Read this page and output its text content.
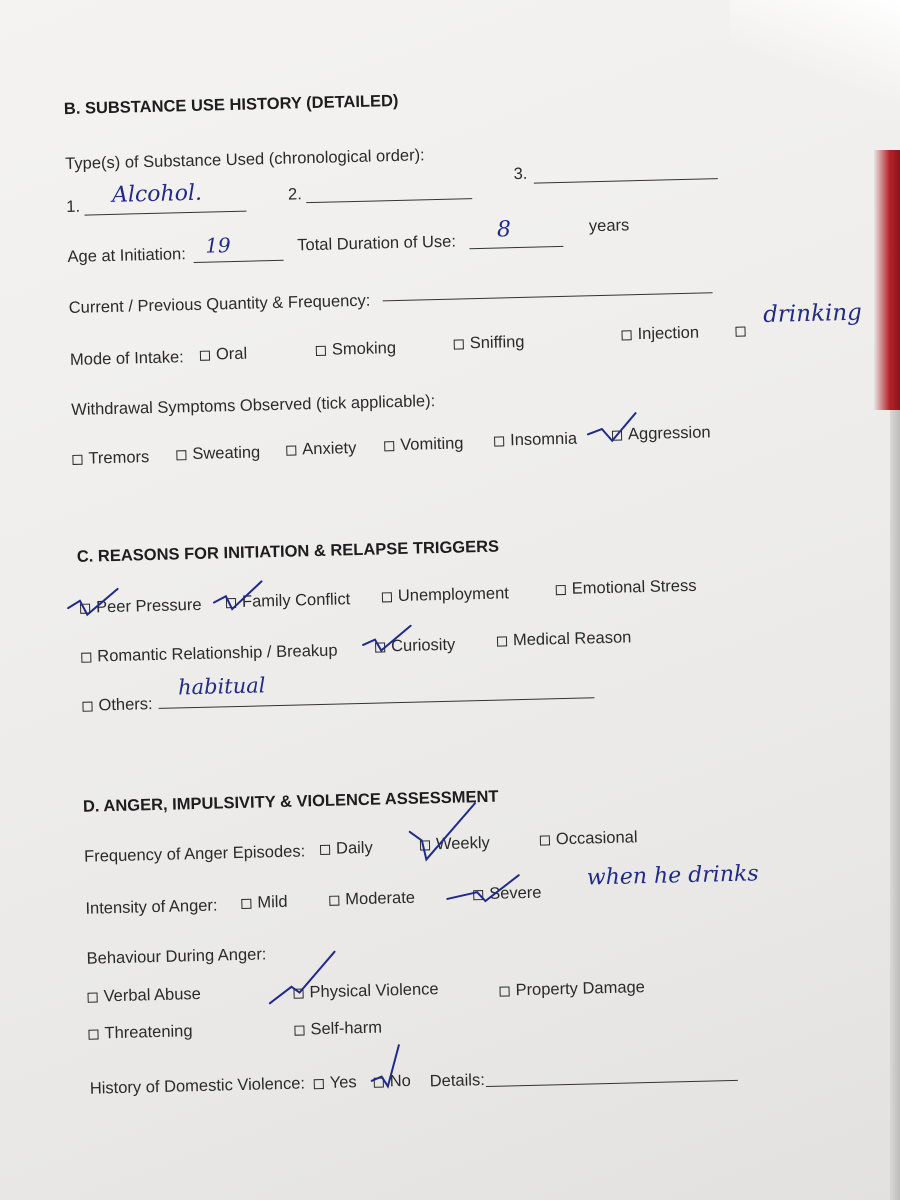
B. SUBSTANCE USE HISTORY (DETAILED)
Type(s) of Substance Used (chronological order):
1. Alcohol.	2.
3.
Age at Initiation: 19	Total Duration of Use:
8	years
Current / Previous Quantity & Frequency:
Mode of Intake:	Oral	Smoking	Sniffing	Injection
drinking
Withdrawal Symptoms Observed (tick applicable):
Tremors	Sweating	Anxiety	Vomiting	Insomnia	Aggression
C. REASONS FOR INITIATION & RELAPSE TRIGGERS
Peer Pressure	Family Conflict	Unemployment	Emotional Stress
Romantic Relationship / Breakup	Curiosity	Medical Reason
Others:
habitual
D. ANGER, IMPULSIVITY & VIOLENCE ASSESSMENT
Frequency of Anger Episodes:	Daily	Weekly	Occasional
Intensity of Anger:	Mild	Moderate	Severe
when he drinks
Behaviour During Anger:
Verbal Abuse	Physical Violence	Property Damage
Threatening	Self-harm
History of Domestic Violence:	Yes	No Details:
